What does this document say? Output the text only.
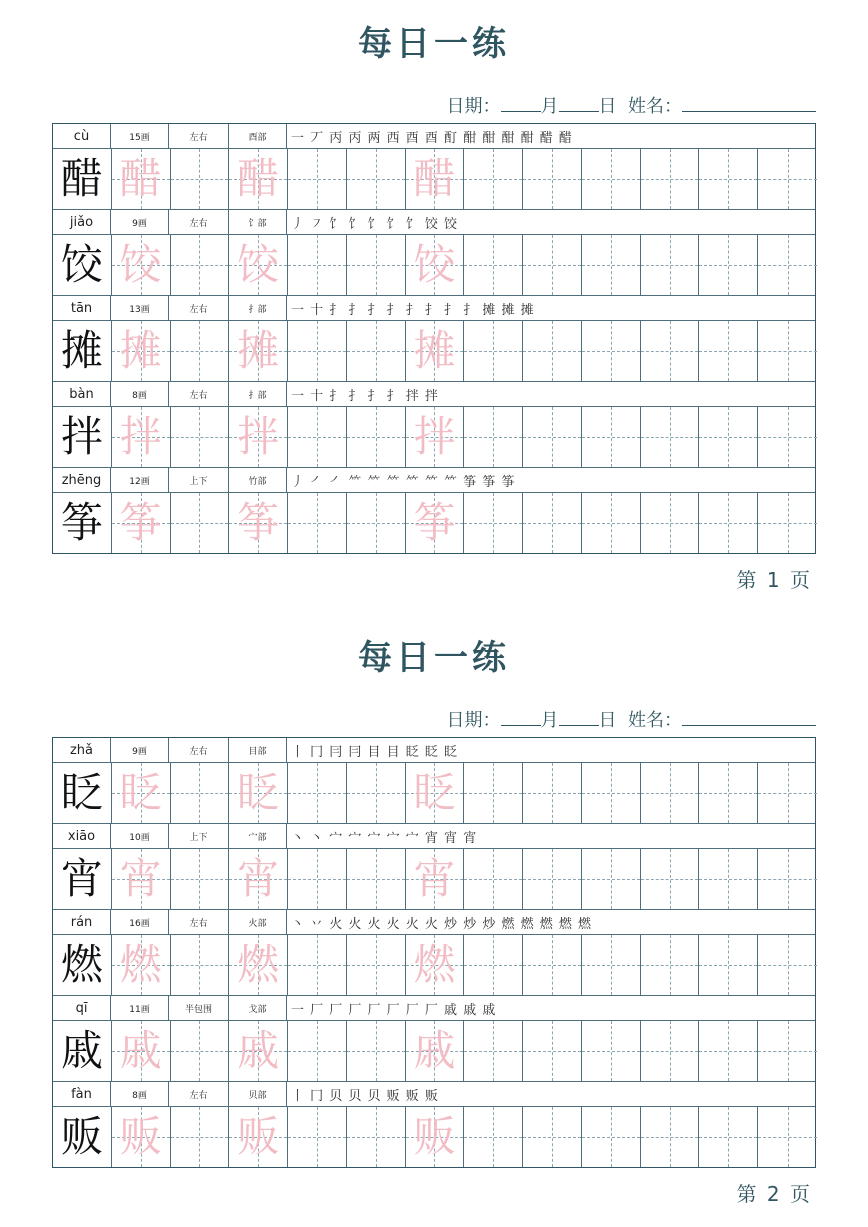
每日一练
日期： 月 日 姓名：
cù	15画	左右	酉部	一 丆 丙 丙 两 西 酉 酉 酊 酣 酣 酣 酣 醋 醋
醋 醋 醋	醋
jiǎo	9画	左右	饣部	丿 ㇇ 饣 饣 饣 饣 饣 饺 饺
饺 饺 饺	饺
tān	13画	左右	扌部	一 十 扌 扌 扌 扌 扌 扌 扌 扌 摊 摊 摊
摊 摊 摊	摊
bàn	8画	左右	扌部	一 十 扌 扌 扌 扌 拌 拌
拌 拌 拌	拌
zhēng	12画	上下	竹部	丿 ㇒ ㇒ ⺮ ⺮ ⺮ ⺮ ⺮ ⺮ 筝 筝 筝
筝 筝 筝	筝
第 1 页
每日一练
日期： 月 日 姓名：
zhǎ	9画	左右	目部	丨 冂 冃 冃 目 目 眨 眨 眨
眨 眨 眨	眨
xiāo	10画	上下	宀部	丶 丶 宀 宀 宀 宀 宀 宵 宵 宵
宵 宵 宵	宵
rán	16画	左右	火部	丶 丷 火 火 火 火 火 火 炒 炒 炒 燃 燃 燃 燃 燃
燃 燃 燃	燃
qī	11画	半包围	戈部	一 厂 厂 厂 厂 厂 厂 厂 戚 戚 戚
戚 戚 戚	戚
fàn	8画	左右	贝部	丨 冂 贝 贝 贝 贩 贩 贩
贩 贩 贩	贩
第 2 页
